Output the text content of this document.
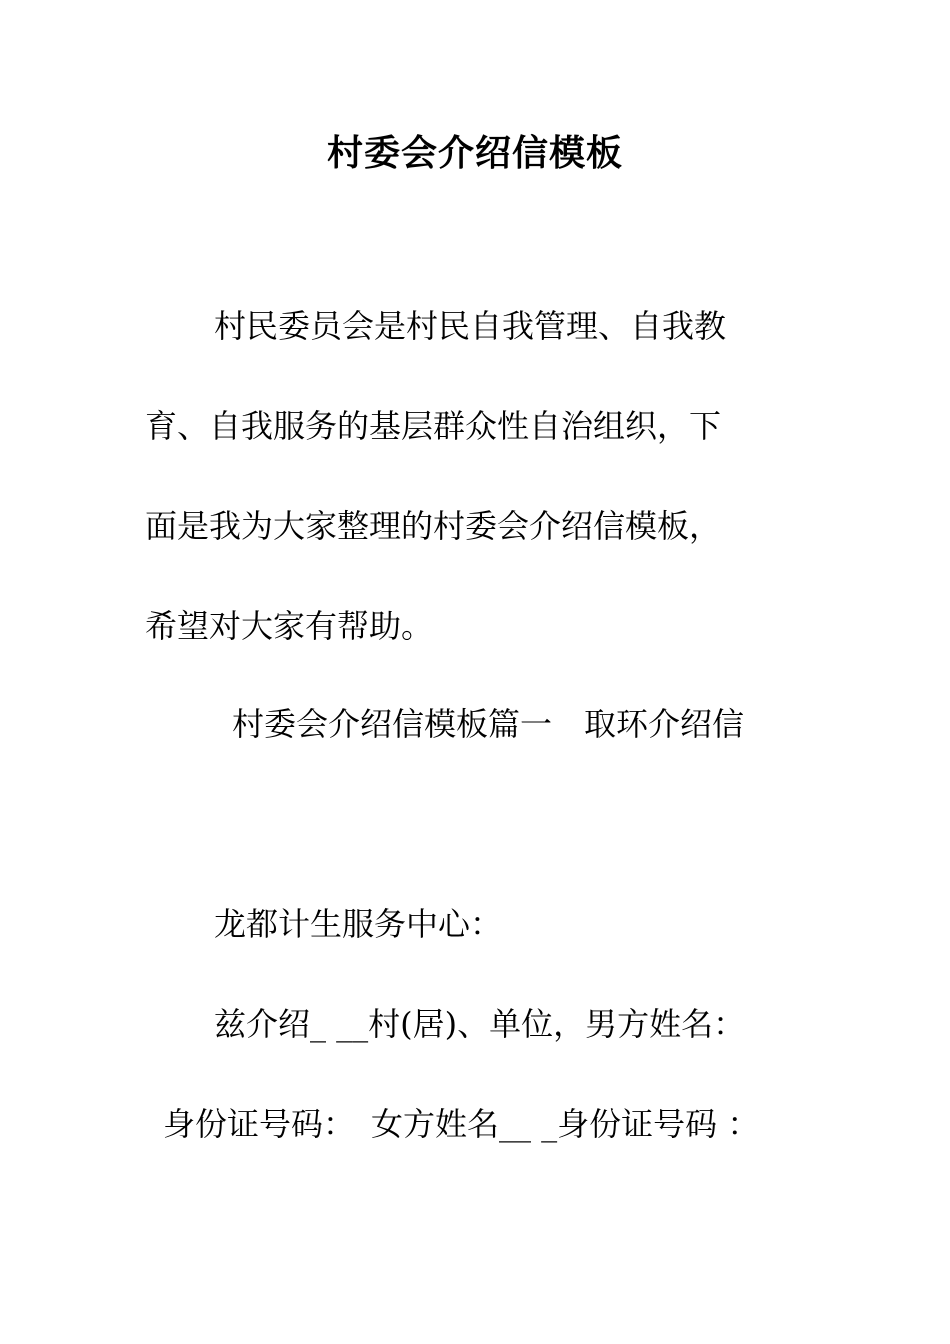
村委会介绍信模板
村民委员会是村民自我管理、自我教
育、自我服务的基层群众性自治组织，下
面是我为大家整理的村委会介绍信模板，
希望对大家有帮助。
村委会介绍信模板篇一　取环介绍信
龙都计生服务中心：
兹介绍_ __村(居)、单位，男方姓名：
身份证号码：　女方姓名__ _身份证号码 ：
